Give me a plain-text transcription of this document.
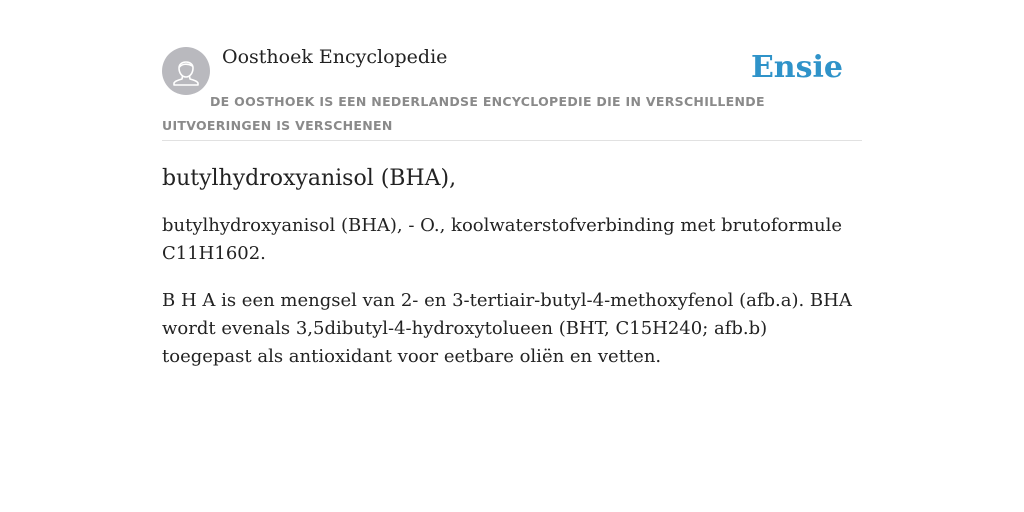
Oosthoek Encyclopedie	Ensie
DE OOSTHOEK IS EEN NEDERLANDSE ENCYCLOPEDIE DIE IN VERSCHILLENDE UITVOERINGEN IS VERSCHENEN
butylhydroxyanisol (BHA),

butylhydroxyanisol (BHA), - O., koolwaterstofverbinding met brutoformule C11H1602.

B H A is een mengsel van 2- en 3-tertiair-butyl-4-methoxyfenol (afb.a). BHA wordt evenals 3,5dibutyl-4-hydroxytolueen (BHT, C15H240; afb.b) toegepast als antioxidant voor eetbare oliën en vetten.
